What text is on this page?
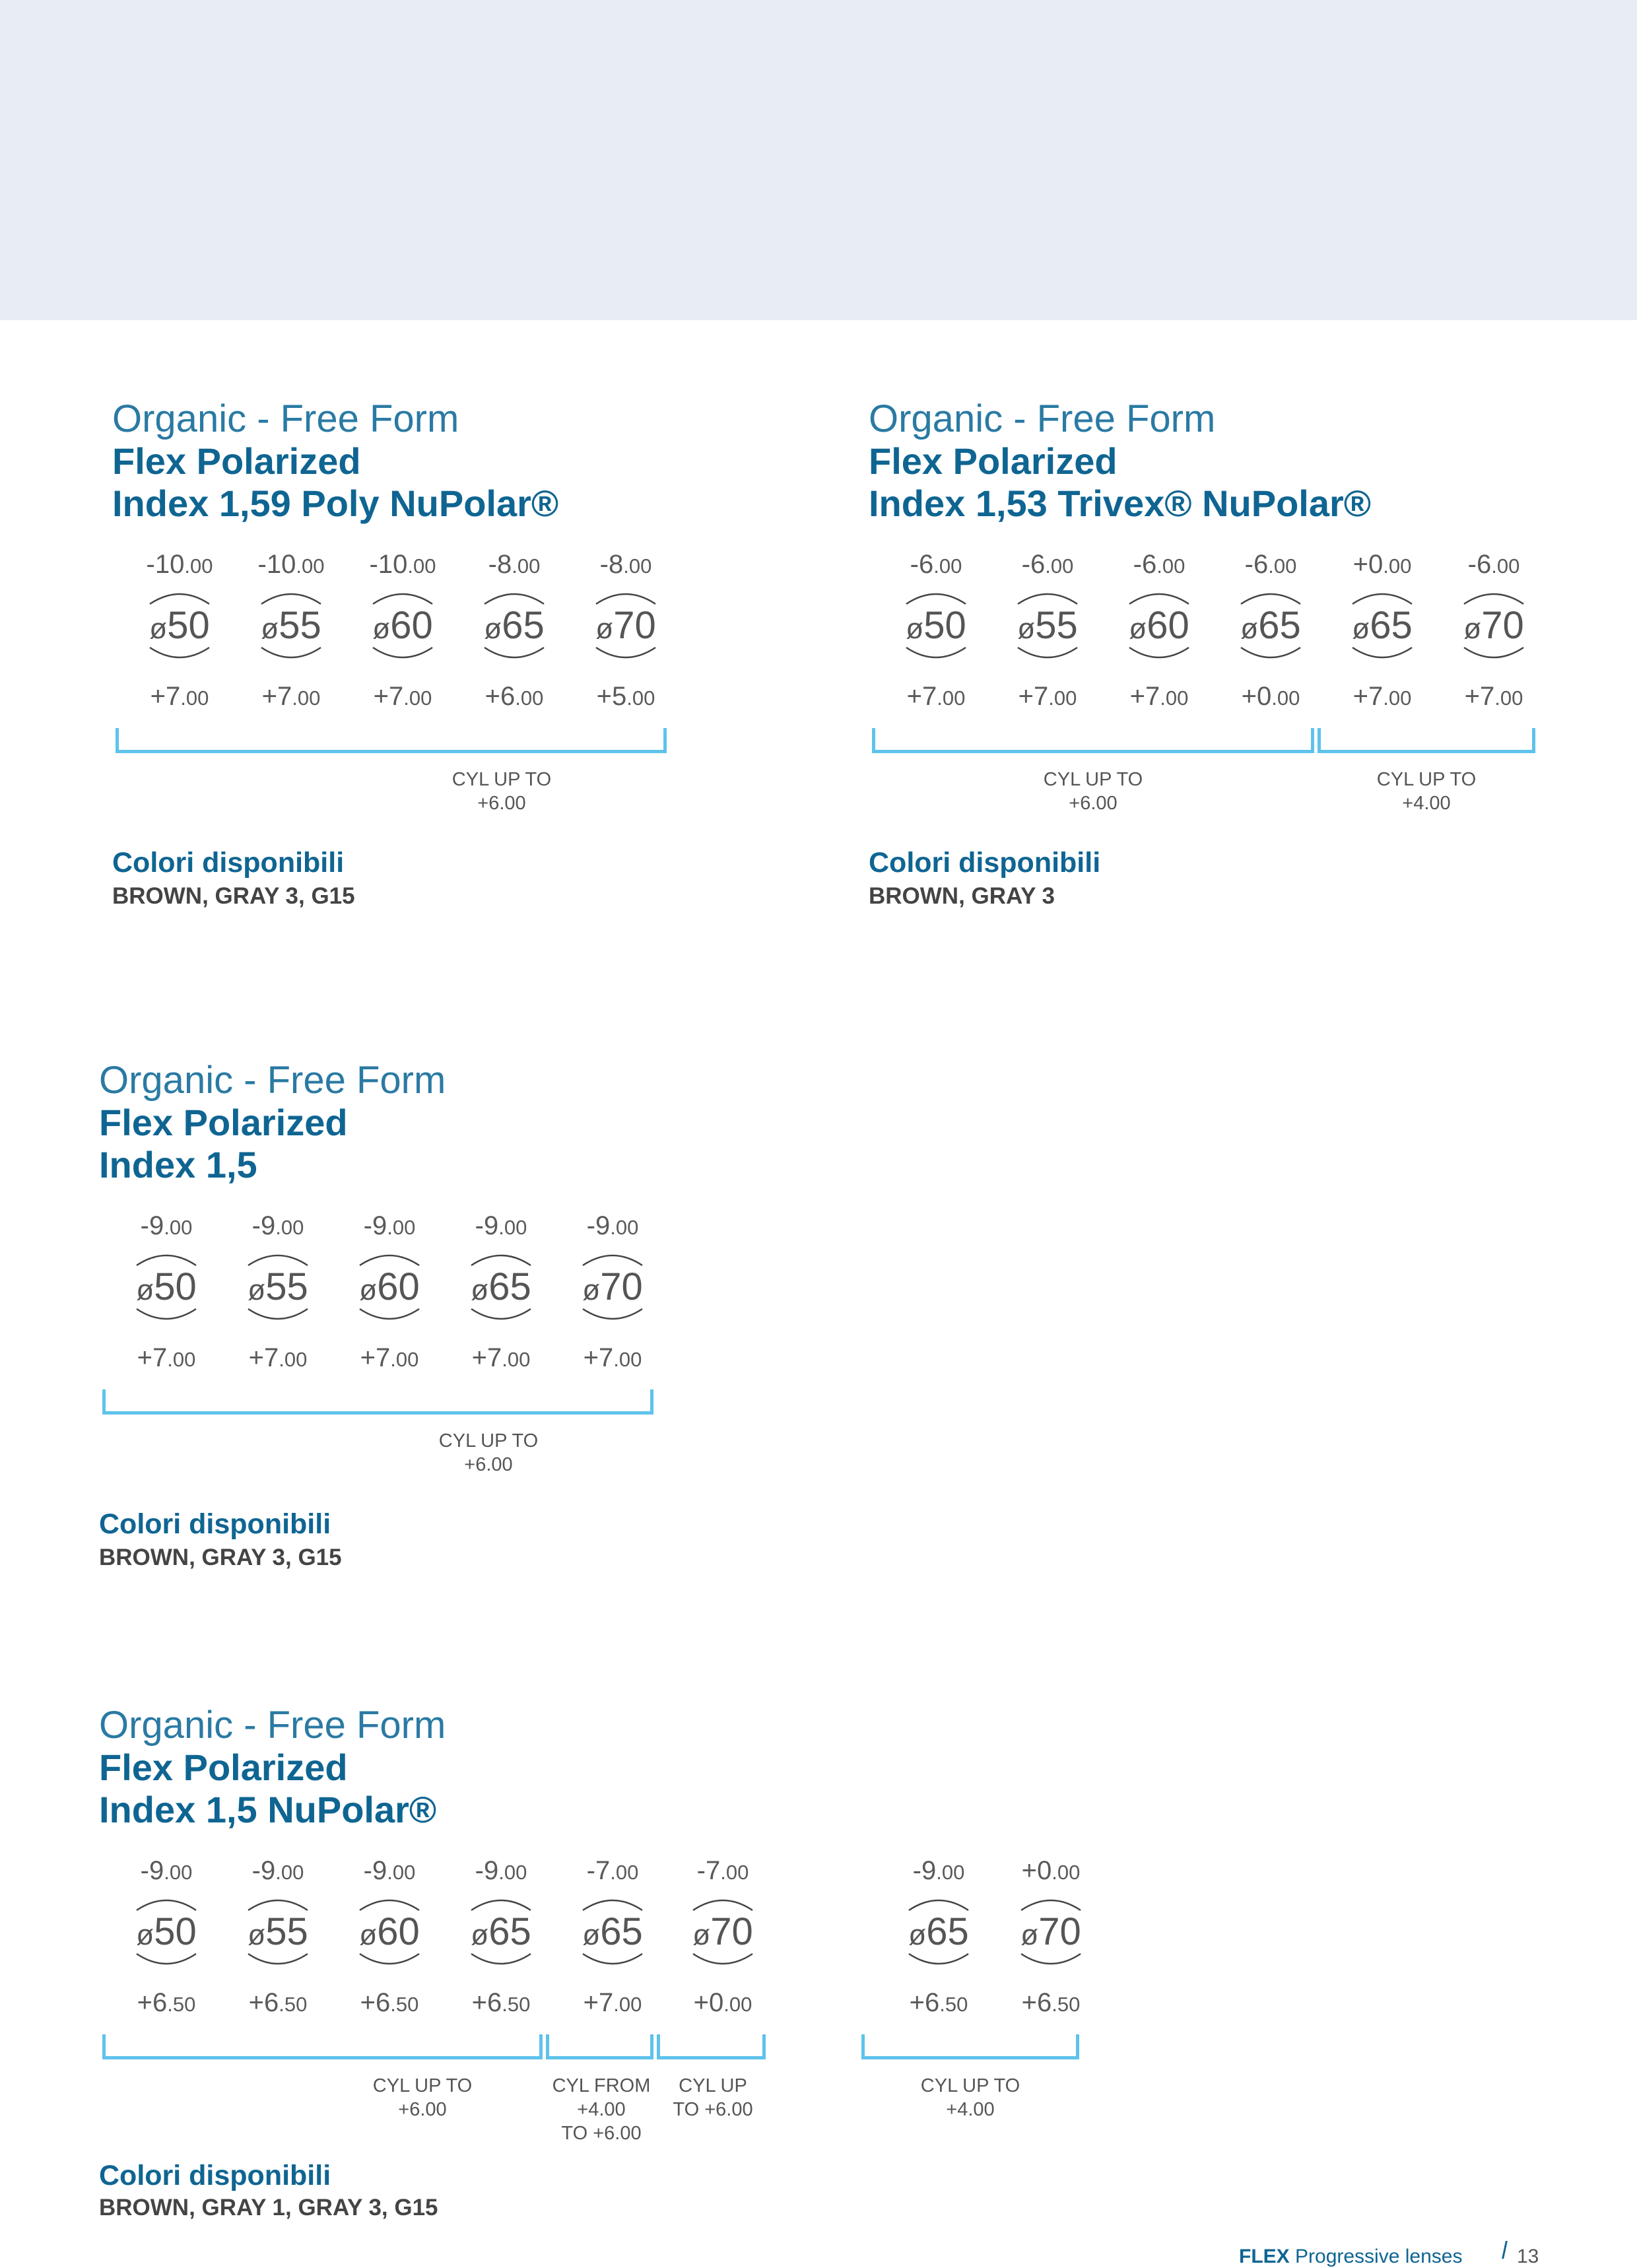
Organic - Free Form
Flex Polarized
Index 1,59 Poly NuPolar®
-10.00
ø50
+7.00
-10.00
ø55
+7.00
-10.00
ø60
+7.00
-8.00
ø65
+6.00
-8.00
ø70
+5.00
CYL UP TO
+6.00
Colori disponibili
BROWN, GRAY 3, G15
Organic - Free Form
Flex Polarized
Index 1,53 Trivex® NuPolar®
-6.00
ø50
+7.00
-6.00
ø55
+7.00
-6.00
ø60
+7.00
-6.00
ø65
+0.00
+0.00
ø65
+7.00
-6.00
ø70
+7.00
CYL UP TO
+6.00
CYL UP TO
+4.00
Colori disponibili
BROWN, GRAY 3
Organic - Free Form
Flex Polarized
Index 1,5
-9.00
ø50
+7.00
-9.00
ø55
+7.00
-9.00
ø60
+7.00
-9.00
ø65
+7.00
-9.00
ø70
+7.00
CYL UP TO
+6.00
Colori disponibili
BROWN, GRAY 3, G15
Organic - Free Form
Flex Polarized
Index 1,5 NuPolar®
-9.00
ø50
+6.50
-9.00
ø55
+6.50
-9.00
ø60
+6.50
-9.00
ø65
+6.50
-7.00
ø65
+7.00
-7.00
ø70
+0.00
-9.00
ø65
+6.50
+0.00
ø70
+6.50
CYL UP TO
+6.00
CYL FROM
+4.00
TO +6.00
CYL UP
TO +6.00
CYL UP TO
+4.00
Colori disponibili
BROWN, GRAY 1, GRAY 3, G15
FLEX Progressive lenses	13
